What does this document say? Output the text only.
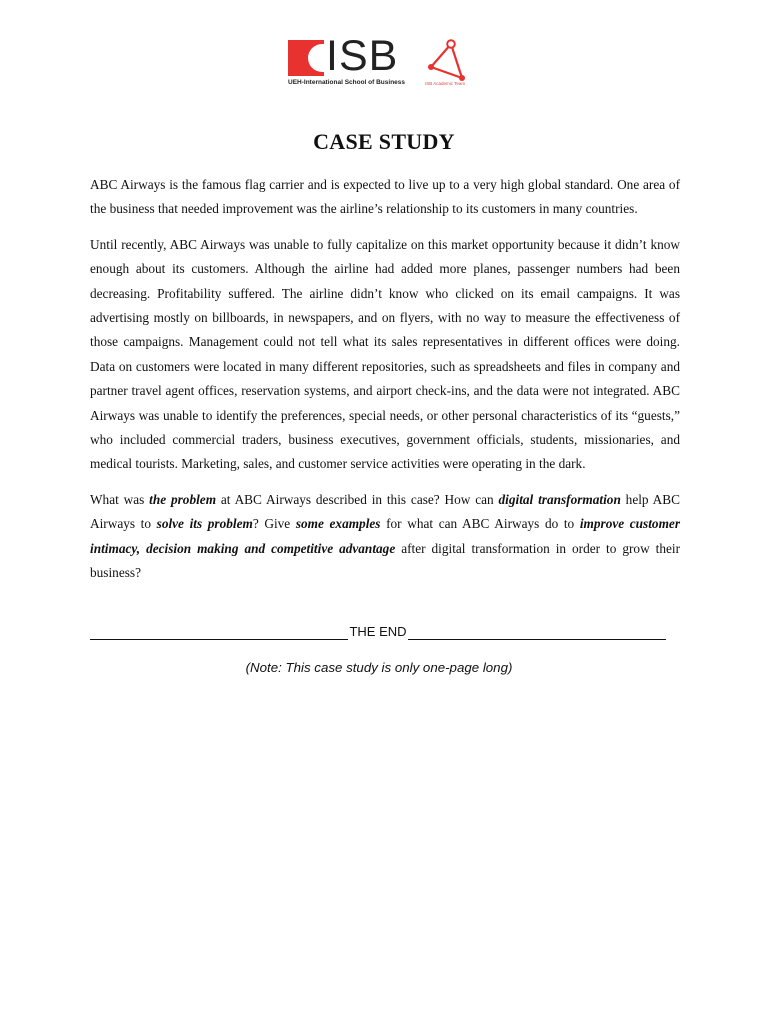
ISB
UEH-International School of Business	ISB Academic Team
CASE STUDY

ABC Airways is the famous flag carrier and is expected to live up to a very high global standard. One area of the business that needed improvement was the airline’s relationship to its customers in many countries.

Until recently, ABC Airways was unable to fully capitalize on this market opportunity because it didn’t know enough about its customers. Although the airline had added more planes, passenger numbers had been decreasing. Profitability suffered. The airline didn’t know who clicked on its email campaigns. It was advertising mostly on billboards, in newspapers, and on flyers, with no way to measure the effectiveness of those campaigns. Management could not tell what its sales representatives in different offices were doing. Data on customers were located in many different repositories, such as spreadsheets and files in company and partner travel agent offices, reservation systems, and airport check-ins, and the data were not integrated. ABC Airways was unable to identify the preferences, special needs, or other personal characteristics of its “guests,” who included commercial traders, business executives, government officials, students, missionaries, and medical tourists. Marketing, sales, and customer service activities were operating in the dark.

What was the problem at ABC Airways described in this case? How can digital transformation help ABC Airways to solve its problem? Give some examples for what can ABC Airways do to improve customer intimacy, decision making and competitive advantage after digital transformation in order to grow their business?

THE END
(Note: This case study is only one-page long)
